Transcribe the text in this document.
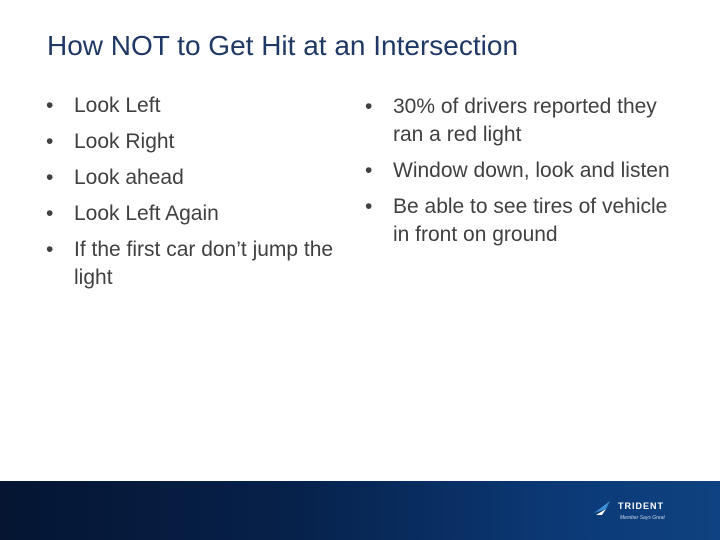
How NOT to Get Hit at an Intersection
• Look Left
• Look Right
• Look ahead
• Look Left Again
• If the first car don’t jump the light
• 30% of drivers reported they ran a red light
• Window down, look and listen
• Be able to see tires of vehicle in front on ground
TRIDENT
Member Says Great
